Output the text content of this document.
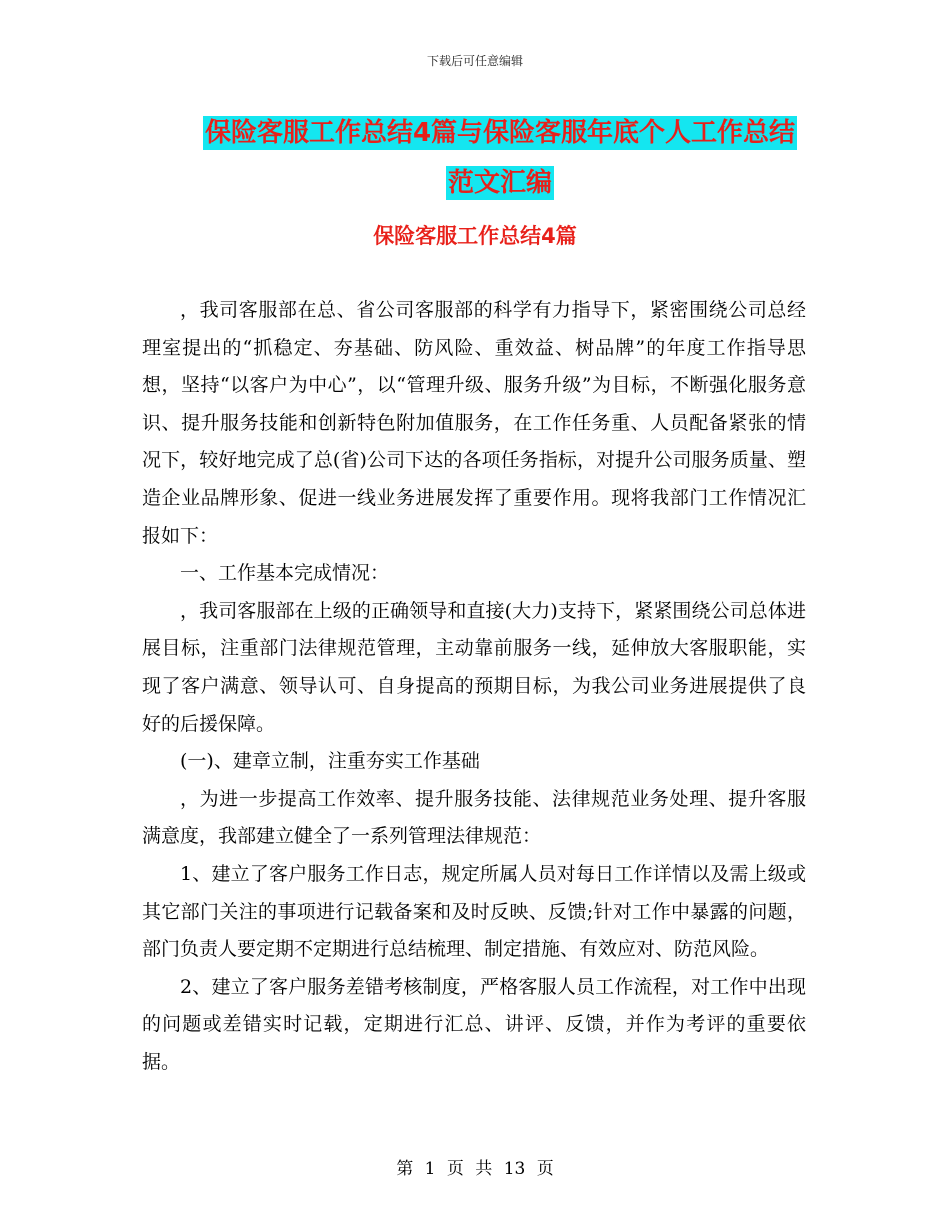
下载后可任意编辑
保险客服工作总结4篇与保险客服年底个人工作总结
范文汇编
保险客服工作总结4篇

，我司客服部在总、省公司客服部的科学有力指导下，紧密围绕公司总经理室提出的“抓稳定、夯基础、防风险、重效益、树品牌”的年度工作指导思想，坚持“以客户为中心”，以“管理升级、服务升级”为目标，不断强化服务意识、提升服务技能和创新特色附加值服务，在工作任务重、人员配备紧张的情况下，较好地完成了总(省)公司下达的各项任务指标，对提升公司服务质量、塑造企业品牌形象、促进一线业务进展发挥了重要作用。现将我部门工作情况汇报如下：

一、工作基本完成情况：

，我司客服部在上级的正确领导和直接(大力)支持下，紧紧围绕公司总体进展目标，注重部门法律规范管理，主动靠前服务一线，延伸放大客服职能，实现了客户满意、领导认可、自身提高的预期目标，为我公司业务进展提供了良好的后援保障。

(一)、建章立制，注重夯实工作基础

，为进一步提高工作效率、提升服务技能、法律规范业务处理、提升客服满意度，我部建立健全了一系列管理法律规范：

1、建立了客户服务工作日志，规定所属人员对每日工作详情以及需上级或其它部门关注的事项进行记载备案和及时反映、反馈;针对工作中暴露的问题，部门负责人要定期不定期进行总结梳理、制定措施、有效应对、防范风险。

2、建立了客户服务差错考核制度，严格客服人员工作流程，对工作中出现的问题或差错实时记载，定期进行汇总、讲评、反馈，并作为考评的重要依据。

第 1 页 共 13 页
